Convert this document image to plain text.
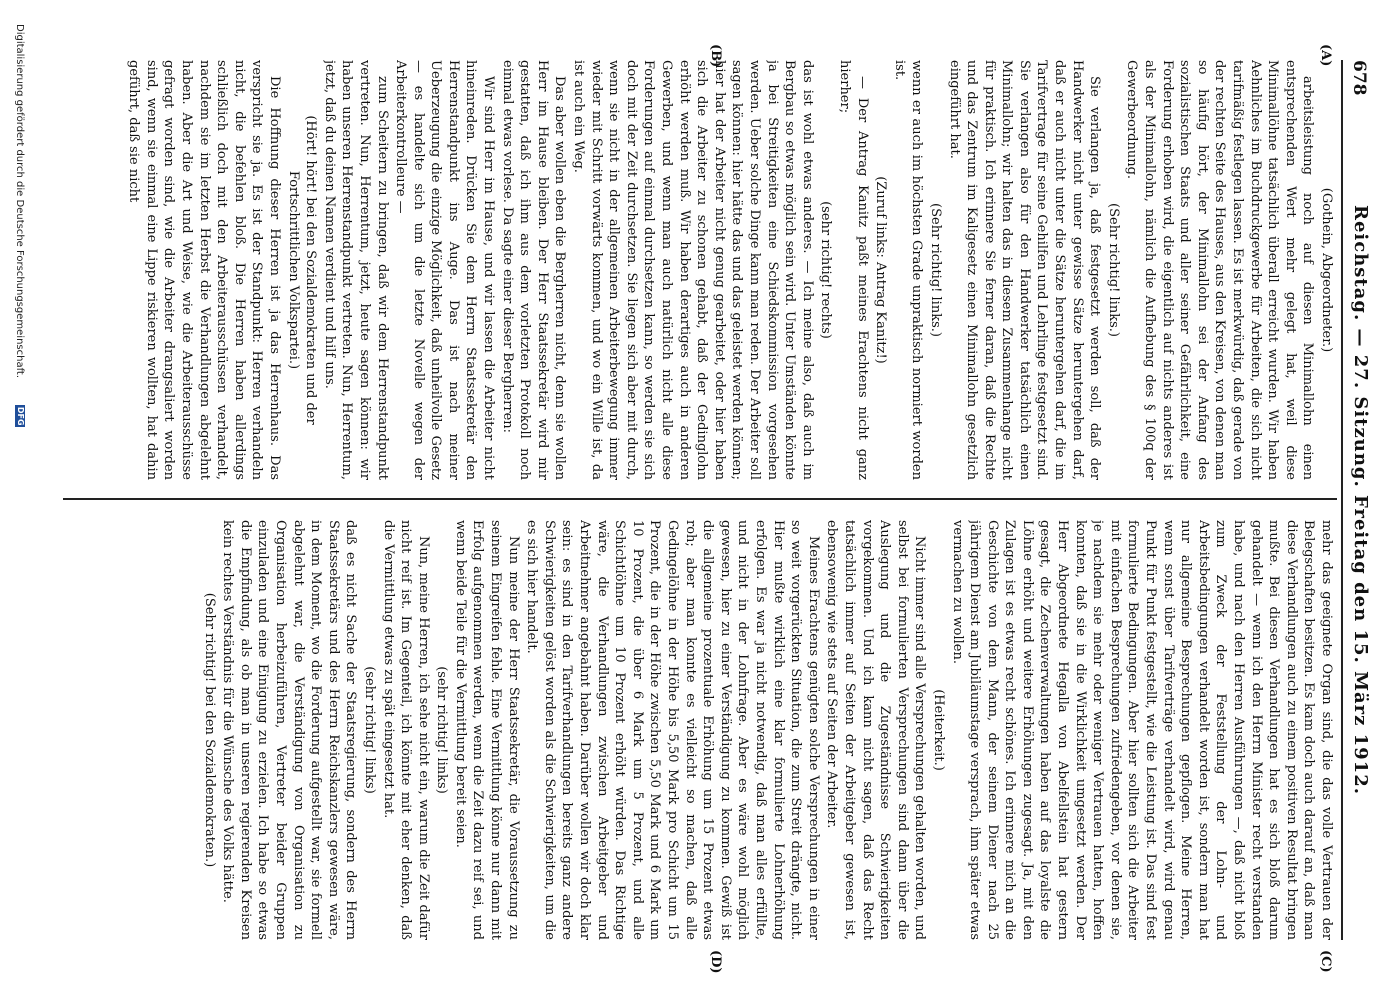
678
Reichstag. — 27. Sitzung. Freitag den 15. März 1912.
(A)
(B)
(C)
(D)

(Gothein, Abgeordneter.)

arbeitsleistung noch auf diesen Minimallohn einen entsprechenden Wert mehr gelegt hat, weil diese Minimallöhne tatsächlich überall erreicht wurden. Wir haben Aehnliches im Buchdruckgewerbe für Arbeiten, die sich nicht tarifmäßig festlegen lassen. Es ist merkwürdig, daß gerade von der rechten Seite des Hauses, aus den Kreisen, von denen man so häufig hört, der Minimallohn sei der Anfang des sozialistischen Staats und aller seiner Gefährlichkeit, eine Forderung erhoben wird, die eigentlich auf nichts anderes ist als der Minimallohn, nämlich die Aufhebung des § 100q der Gewerbeordnung.

(Sehr richtig! links.)

Sie verlangen ja, daß festgesetzt werden soll, daß der Handwerker nicht unter gewisse Sätze heruntergehen darf, daß er auch nicht unter die Sätze heruntergehen darf, die im Tarifvertrage für seine Gehilfen und Lehrlinge festgesetzt sind. Sie verlangen also für den Handwerker tatsächlich einen Minimallohn; wir halten das in diesem Zusammenhange nicht für praktisch. Ich erinnere Sie ferner daran, daß die Rechte und das Zentrum im Kaligesetz einen Minimallohn gesetzlich eingeführt hat.

(Sehr richtig! links.)

wenn er auch im höchsten Grade unpraktisch normiert worden ist.

(Zuruf links: Antrag Kanitz!)

— Der Antrag Kanitz paßt meines Erachtens nicht ganz hierher;

(sehr richtig! rechts)

das ist wohl etwas anderes. — Ich meine also, daß auch im Bergbau so etwas möglich sein wird. Unter Umständen könnte ja bei Streitigkeiten eine Schiedskommission vorgesehen werden. Ueber solche Dinge kann man reden. Der Arbeiter soll sagen können: hier hätte das und das geleistet werden können; hier hat der Arbeiter nicht genug gearbeitet, oder hier haben sich die Arbeiter zu schonen gehabt, daß der Gedinglohn erhöht werden muß. Wir haben derartiges auch in anderen Gewerben, und wenn man auch natürlich nicht alle diese Forderungen auf einmal durchsetzen kann, so werden sie sich doch mit der Zeit durchsetzen. Sie liegen sich aber mit durch, wenn sie nicht in der allgemeinen Arbeiterbewegung immer wieder mit Schritt vorwärts kommen, und wo ein Wille ist, da ist auch ein Weg.

Das aber wollen eben die Bergherren nicht, denn sie wollen Herr im Hause bleiben. Der Herr Staatssekretär wird mir gestatten, daß ich ihm aus dem vorletzten Protokoll noch einmal etwas vorlese. Da sagte einer dieser Bergherren:

Wir sind Herr im Hause, und wir lassen die Arbeiter nicht hineinreden. Drücken Sie dem Herrn Staatssekretär den Herrenstandpunkt ins Auge. Das ist nach meiner Ueberzeugung die einzige Möglichkeit, daß unheilvolle Gesetz — es handelte sich um die letzte Novelle wegen der Arbeiterkontrolleure —

zum Scheitern zu bringen, daß wir dem Herrenstandpunkt vertreten. Nun, Herrentum, jetzt, heute sagen können: wir haben unseren Herrenstandpunkt vertreten. Nun, Herrentum, jetzt, daß du deinen Namen verdient und hilf uns.

(Hört! hört! bei den Sozialdemokraten und der Fortschrittlichen Volkspartei.)

Die Hoffnung dieser Herren ist ja das Herrenhaus. Das verspricht sie ja. Es ist der Standpunkt: Herren verhandeln nicht, die befehlen bloß. Die Herren haben allerdings schließlich doch mit den Arbeiterausschüssen verhandelt, nachdem sie im letzten Herbst die Verhandlungen abgelehnt haben. Aber die Art und Weise, wie die Arbeiterausschüsse gefragt worden sind, wie die Arbeiter drangsaliert worden sind, wenn sie einmal eine Lippe riskieren wollten, hat dahin geführt, daß sie nicht

mehr das geeignete Organ sind, die das volle Vertrauen der Belegschaften besitzen. Es kam doch auch darauf an, daß man diese Verhandlungen auch zu einem positiven Resultat bringen mußte. Bei diesen Verhandlungen hat es sich bloß darum gehandelt — wenn ich den Herrn Minister recht verstanden habe, und nach den Herren Ausführungen —, daß nicht bloß zum Zweck der Feststellung der Lohn- und Arbeitsbedingungen verhandelt worden ist, sondern man hat nur allgemeine Besprechungen gepflogen. Meine Herren, wenn sonst über Tarifverträge verhandelt wird, wird genau Punkt für Punkt festgestellt, wie die Leistung ist. Das sind fest formulierte Bedingungen. Aber hier sollten sich die Arbeiter mit einfachen Besprechungen zufriedengeben, vor denen sie, je nachdem sie mehr oder weniger Vertrauen hatten, hoffen konnten, daß sie in die Wirklichkeit umgesetzt werden. Der Herr Abgeordnete Hegalla von Abelfellstein hat gestern gesagt, die Zechenverwaltungen haben auf das loyalste die Löhne erhöht und weitere Erhöhungen zugesagt. Ja, mit den Zulagen ist es etwas recht schönes. Ich erinnere mich an die Geschichte von dem Mann, der seinem Diener nach 25 jährigem Dienst am Jubiläumstage versprach, ihm später etwas vermachen zu wollen.

(Heiterkeit.)

Nicht immer sind alle Versprechungen gehalten worden, und selbst bei formulierten Versprechungen sind dann über die Auslegung und die Zugeständnisse Schwierigkeiten vorgekommen. Und ich kann nicht sagen, daß das Recht tatsächlich immer auf Seiten der Arbeitgeber gewesen ist, ebensowenig wie stets auf Seiten der Arbeiter.

Meines Erachtens genügten solche Versprechungen in einer so weit vorgerückten Situation, die zum Streit drängte, nicht. Hier mußte wirklich eine klar formulierte Lohnerhöhung erfolgen. Es war ja nicht notwendig, daß man alles erfüllte, und nicht in der Lohnfrage. Aber es wäre wohl möglich gewesen, hier zu einer Verständigung zu kommen. Gewiß ist die allgemeine prozentuale Erhöhung um 15 Prozent etwas roh; aber man konnte es vielleicht so machen, daß alle Gedingelöhne in der Höhe bis 5,50 Mark pro Schicht um 15 Prozent, die in der Höhe zwischen 5,50 Mark und 6 Mark um 10 Prozent, die über 6 Mark um 5 Prozent, und alle Schichtlöhne um 10 Prozent erhöht würden. Das Richtige wäre, die Verhandlungen zwischen Arbeitgeber und Arbeitnehmer angebahnt haben. Darüber wollen wir doch klar sein: es sind in den Tarifverhandlungen bereits ganz andere Schwierigkeiten gelöst worden als die Schwierigkeiten, um die es sich hier handelt.

Nun meine der Herr Staatssekretär, die Voraussetzung zu seinem Eingreifen fehle. Eine Vermittlung könne nur dann mit Erfolg aufgenommen werden, wenn die Zeit dazu reif sei, und wenn beide Teile für die Vermittlung bereit seien.

(sehr richtig! links)

Nun, meine Herren, ich sehe nicht ein, warum die Zeit dafür nicht reif ist. Im Gegenteil, ich könnte mit eher denken, daß die Vermittlung etwas zu spät eingesetzt hat.

(sehr richtig! links)

daß es nicht Sache der Staatsregierung, sondern des Herrn Staatssekretärs und des Herrn Reichskanzlers gewesen wäre, in dem Moment, wo die Forderung aufgestellt war, sie formell abgelehnt war, die Verständigung von Organisation zu Organisation herbeizuführen, Vertreter beider Gruppen einzuladen und eine Einigung zu erzielen. Ich habe so etwas die Empfindung, als ob man in unseren regierenden Kreisen kein rechtes Verständnis für die Wünsche des Volks hätte.

(Sehr richtig! bei den Sozialdemokraten.)

Digitalisierung gefördert durch die Deutsche Forschungsgemeinschaft. DFG
